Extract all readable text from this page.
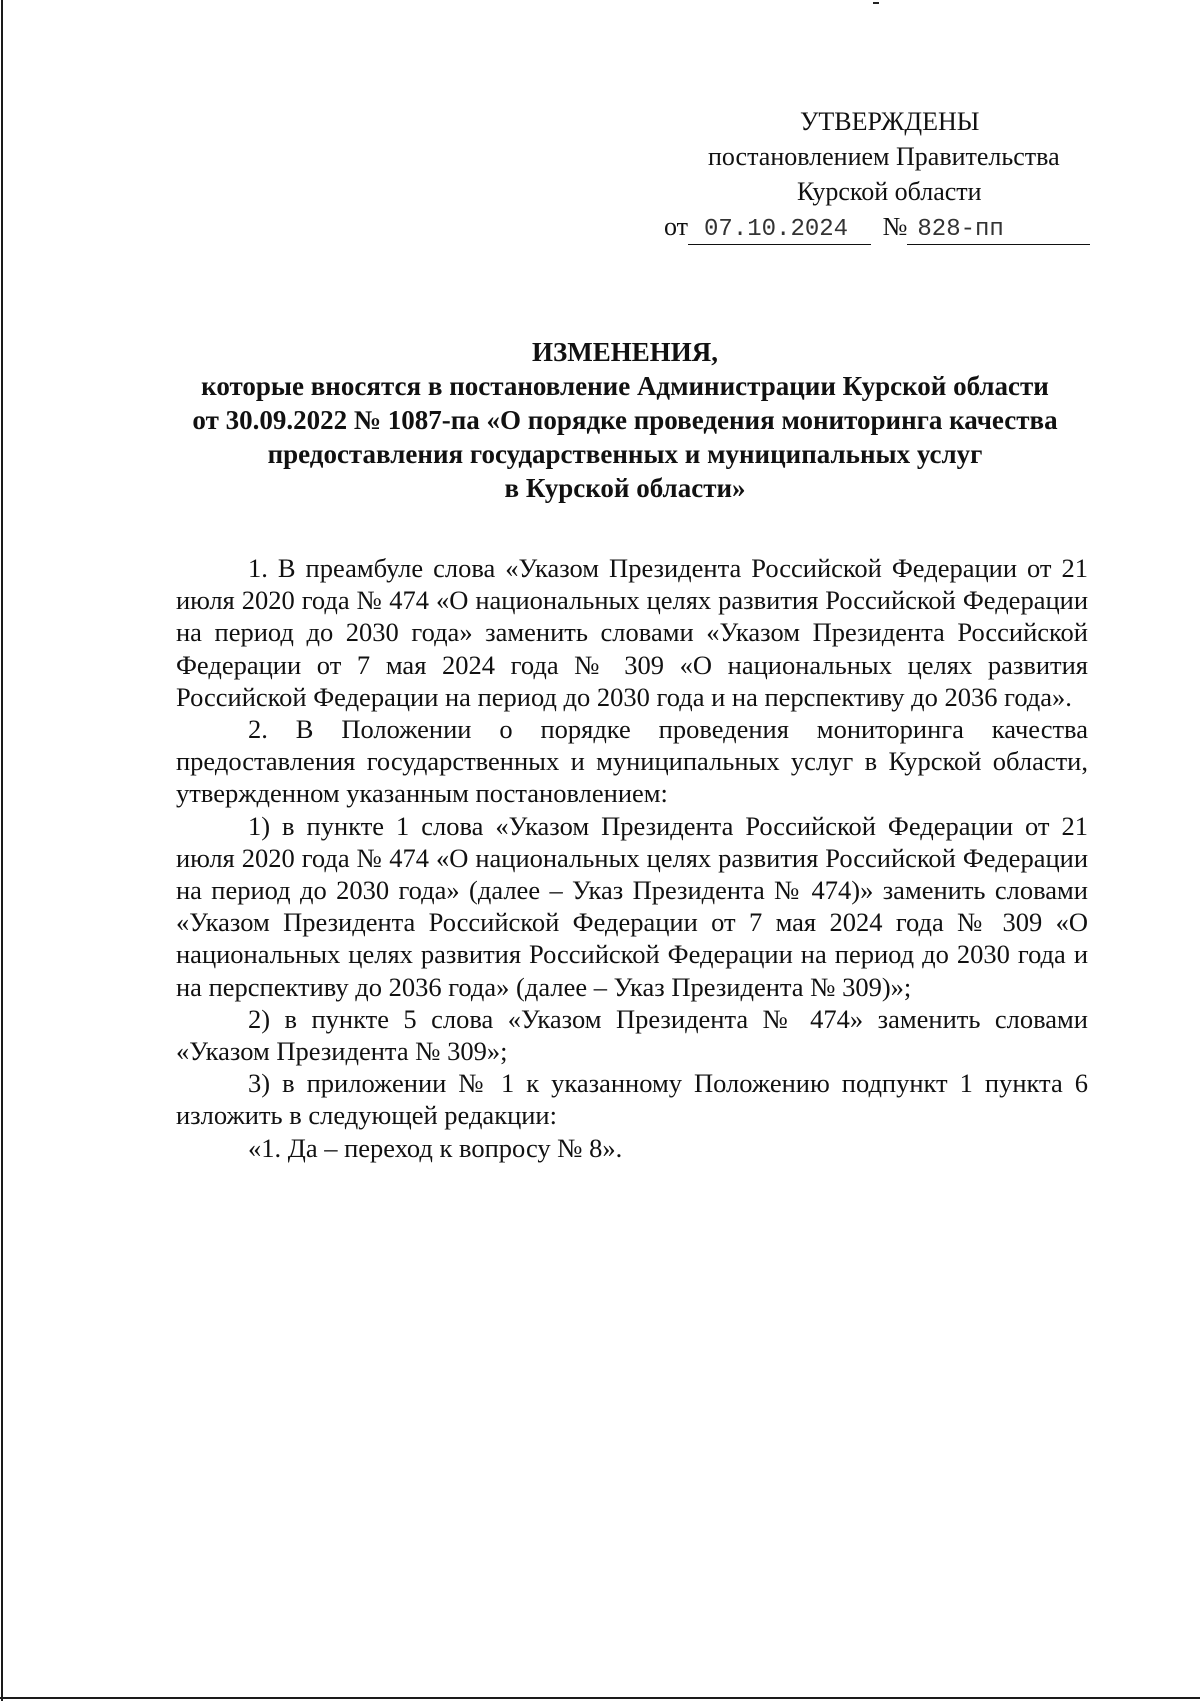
УТВЕРЖДЕНЫ
постановлением Правительства
Курской области
от 07.10.2024	№ 828-пп
ИЗМЕНЕНИЯ,
которые вносятся в постановление Администрации Курской области
от 30.09.2022 № 1087-па «О порядке проведения мониторинга качества
предоставления государственных и муниципальных услуг
в Курской области»

1. В преамбуле слова «Указом Президента Российской Федерации от 21 июля 2020 года № 474 «О национальных целях развития Российской Федерации на период до 2030 года» заменить словами «Указом Президента Российской Федерации от 7 мая 2024 года № 309 «О национальных целях развития Российской Федерации на период до 2030 года и на перспективу до 2036 года».

2. В Положении о порядке проведения мониторинга качества предоставления государственных и муниципальных услуг в Курской области, утвержденном указанным постановлением:

1) в пункте 1 слова «Указом Президента Российской Федерации от 21 июля 2020 года № 474 «О национальных целях развития Российской Федерации на период до 2030 года» (далее – Указ Президента № 474)» заменить словами «Указом Президента Российской Федерации от 7 мая 2024 года № 309 «О национальных целях развития Российской Федерации на период до 2030 года и на перспективу до 2036 года» (далее – Указ Президента № 309)»;

2) в пункте 5 слова «Указом Президента № 474» заменить словами «Указом Президента № 309»;

3) в приложении № 1 к указанному Положению подпункт 1 пункта 6 изложить в следующей редакции:

«1. Да – переход к вопросу № 8».
